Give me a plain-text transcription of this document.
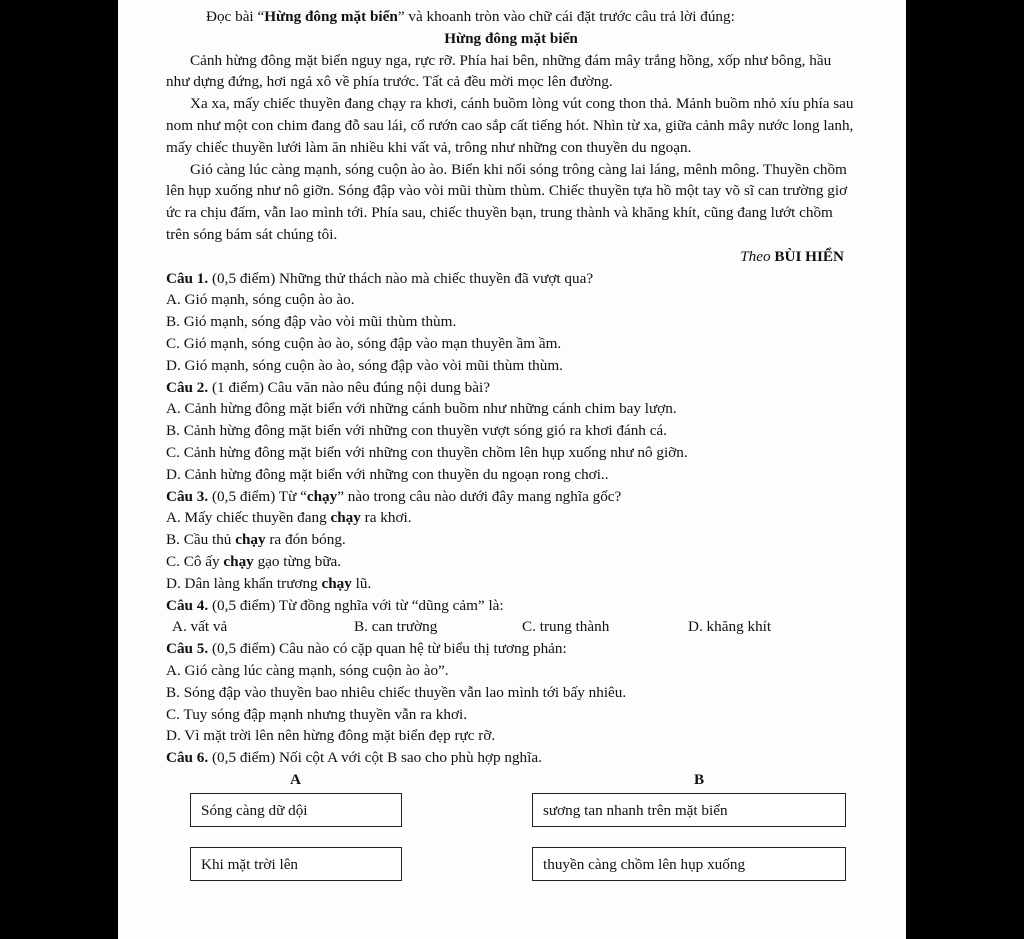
Đọc bài “Hừng đông mặt biển” và khoanh tròn vào chữ cái đặt trước câu trả lời đúng:

Hừng đông mặt biển

Cảnh hừng đông mặt biển nguy nga, rực rỡ. Phía hai bên, những đám mây trắng hồng, xốp như bông, hầu như dựng đứng, hơi ngả xô về phía trước. Tất cả đều mời mọc lên đường.

Xa xa, mấy chiếc thuyền đang chạy ra khơi, cánh buồm lòng vút cong thon thả. Mảnh buồm nhỏ xíu phía sau nom như một con chim đang đỗ sau lái, cổ rướn cao sắp cất tiếng hót. Nhìn từ xa, giữa cảnh mây nước long lanh, mấy chiếc thuyền lưới làm ăn nhiều khi vất vả, trông như những con thuyền du ngoạn.

Gió càng lúc càng mạnh, sóng cuộn ào ào. Biển khi nổi sóng trông càng lai láng, mênh mông. Thuyền chồm lên hụp xuống như nô giỡn. Sóng đập vào vòi mũi thùm thùm. Chiếc thuyền tựa hồ một tay võ sĩ can trường giơ ức ra chịu đấm, vẫn lao mình tới. Phía sau, chiếc thuyền bạn, trung thành và khăng khít, cũng đang lướt chồm trên sóng bám sát chúng tôi.

Theo BÙI HIỂN

Câu 1. (0,5 điểm) Những thử thách nào mà chiếc thuyền đã vượt qua?

A. Gió mạnh, sóng cuộn ào ào.

B. Gió mạnh, sóng đập vào vòi mũi thùm thùm.

C. Gió mạnh, sóng cuộn ào ào, sóng đập vào mạn thuyền ầm ầm.

D. Gió mạnh, sóng cuộn ào ào, sóng đập vào vòi mũi thùm thùm.

Câu 2. (1 điểm) Câu văn nào nêu đúng nội dung bài?

A. Cảnh hừng đông mặt biển với những cánh buồm như những cánh chim bay lượn.

B. Cảnh hừng đông mặt biển với những con thuyền vượt sóng gió ra khơi đánh cá.

C. Cảnh hừng đông mặt biển với những con thuyền chồm lên hụp xuống như nô giỡn.

D. Cảnh hừng đông mặt biển với những con thuyền du ngoạn rong chơi..

Câu 3. (0,5 điểm) Từ “chạy” nào trong câu nào dưới đây mang nghĩa gốc?

A. Mấy chiếc thuyền đang chạy ra khơi.

B. Cầu thủ chạy ra đón bóng.

C. Cô ấy chạy gạo từng bữa.

D. Dân làng khẩn trương chạy lũ.

Câu 4. (0,5 điểm) Từ đồng nghĩa với từ “dũng cảm” là:

A. vất vả	B. can trường	C. trung thành	D. khăng khít

Câu 5. (0,5 điểm) Câu nào có cặp quan hệ từ biểu thị tương phản:

A. Gió càng lúc càng mạnh, sóng cuộn ào ào”.

B. Sóng đập vào thuyền bao nhiêu chiếc thuyền vẫn lao mình tới bấy nhiêu.

C. Tuy sóng đập mạnh nhưng thuyền vẫn ra khơi.

D. Vì mặt trời lên nên hừng đông mặt biển đẹp rực rỡ.

Câu 6. (0,5 điểm) Nối cột A với cột B sao cho phù hợp nghĩa.

A	B
Sóng càng dữ dội	sương tan nhanh trên mặt biển
Khi mặt trời lên	thuyền càng chồm lên hụp xuống
